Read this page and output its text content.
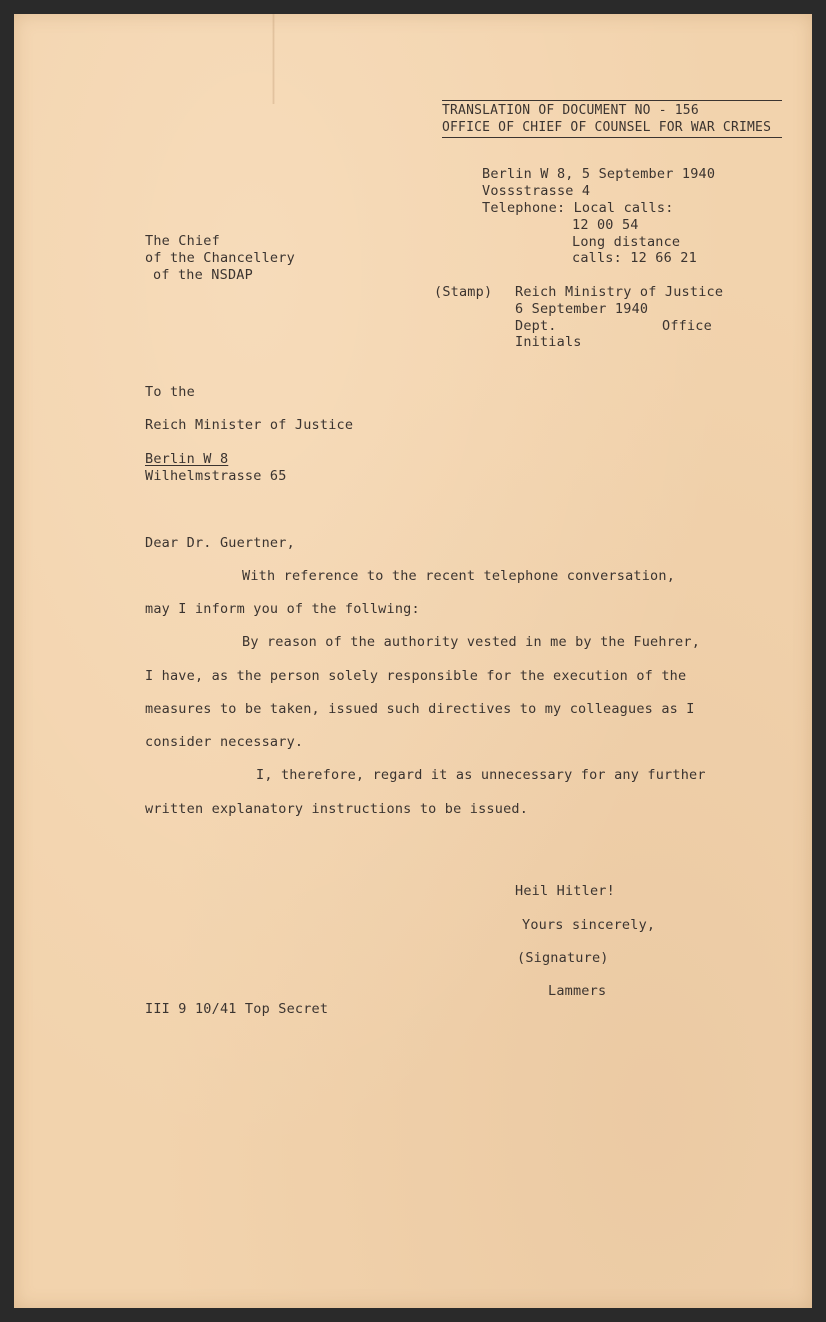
TRANSLATION OF DOCUMENT NO - 156
OFFICE OF CHIEF OF COUNSEL FOR WAR CRIMES
Berlin W 8, 5 September 1940
Vossstrasse 4
Telephone: Local calls:
12 00 54
Long distance
calls: 12 66 21
The Chief
of the Chancellery
of the NSDAP
(Stamp) Reich Ministry of Justice
6 September 1940
Dept.	Office
Initials
To the
Reich Minister of Justice
Berlin W 8
Wilhelmstrasse 65
Dear Dr. Guertner,
With reference to the recent telephone conversation,
may I inform you of the follwing:
By reason of the authority vested in me by the Fuehrer,
I have, as the person solely responsible for the execution of the
measures to be taken, issued such directives to my colleagues as I
consider necessary.
I, therefore, regard it as unnecessary for any further
written explanatory instructions to be issued.
Heil Hitler!
Yours sincerely,
(Signature)
Lammers
III 9 10/41 Top Secret
